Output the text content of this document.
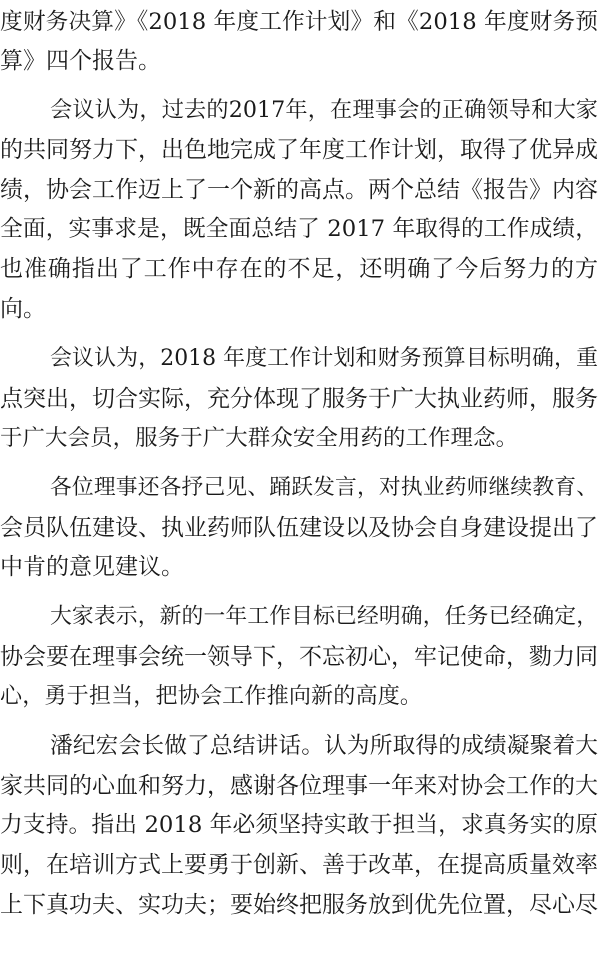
度财务决算》《2018 年度工作计划》和《2018 年度财务预
算》四个报告。
会议认为，过去的2017年，在理事会的正确领导和大家
的共同努力下，出色地完成了年度工作计划，取得了优异成
绩，协会工作迈上了一个新的高点。两个总结《报告》内容
全面，实事求是，既全面总结了 2017 年取得的工作成绩，
也准确指出了工作中存在的不足，还明确了今后努力的方
向。
会议认为，2018 年度工作计划和财务预算目标明确，重
点突出，切合实际，充分体现了服务于广大执业药师，服务
于广大会员，服务于广大群众安全用药的工作理念。
各位理事还各抒己见、踊跃发言，对执业药师继续教育、
会员队伍建设、执业药师队伍建设以及协会自身建设提出了
中肯的意见建议。
大家表示，新的一年工作目标已经明确，任务已经确定，
协会要在理事会统一领导下，不忘初心，牢记使命，勠力同
心，勇于担当，把协会工作推向新的高度。
潘纪宏会长做了总结讲话。认为所取得的成绩凝聚着大
家共同的心血和努力，感谢各位理事一年来对协会工作的大
力支持。指出 2018 年必须坚持实敢于担当，求真务实的原
则，在培训方式上要勇于创新、善于改革，在提高质量效率
上下真功夫、实功夫；要始终把服务放到优先位置，尽心尽
